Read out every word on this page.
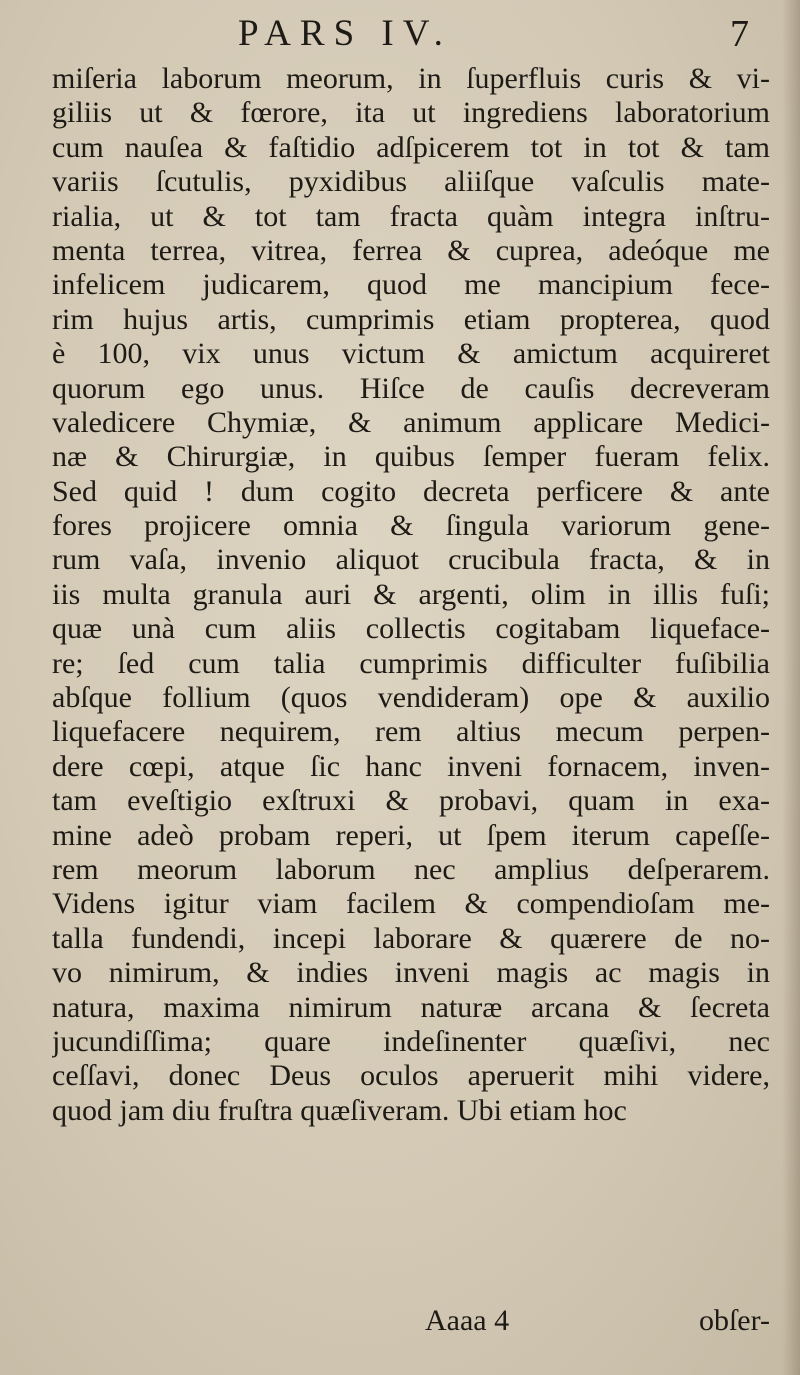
PARS IV.	7
miſeria laborum meorum, in ſuperfluis curis & vi-
giliis ut & fœrore, ita ut ingrediens laboratorium
cum nauſea & faſtidio adſpicerem tot in tot & tam
variis ſcutulis, pyxidibus aliiſque vaſculis mate-
rialia, ut & tot tam fracta quàm integra inſtru-
menta terrea, vitrea, ferrea & cuprea, adeóque me
infelicem judicarem, quod me mancipium fece-
rim hujus artis, cumprimis etiam propterea, quod
è 100, vix unus victum & amictum acquireret
quorum ego unus. Hiſce de cauſis decreveram
valedicere Chymiæ, & animum applicare Medici-
næ & Chirurgiæ, in quibus ſemper fueram felix.
Sed quid ! dum cogito decreta perficere & ante
fores projicere omnia & ſingula variorum gene-
rum vaſa, invenio aliquot crucibula fracta, & in
iis multa granula auri & argenti, olim in illis fuſi;
quæ unà cum aliis collectis cogitabam liqueface-
re; ſed cum talia cumprimis difficulter fuſibilia
abſque follium (quos vendideram) ope & auxilio
liquefacere nequirem, rem altius mecum perpen-
dere cœpi, atque ſic hanc inveni fornacem, inven-
tam eveſtigio exſtruxi & probavi, quam in exa-
mine adeò probam reperi, ut ſpem iterum capeſſe-
rem meorum laborum nec amplius deſperarem.
Videns igitur viam facilem & compendioſam me-
talla fundendi, incepi laborare & quærere de no-
vo nimirum, & indies inveni magis ac magis in
natura, maxima nimirum naturæ arcana & ſecreta
jucundiſſima; quare indeſinenter quæſivi, nec
ceſſavi, donec Deus oculos aperuerit mihi videre,
quod jam diu fruſtra quæſiveram. Ubi etiam hoc
Aaaa 4	obſer-
